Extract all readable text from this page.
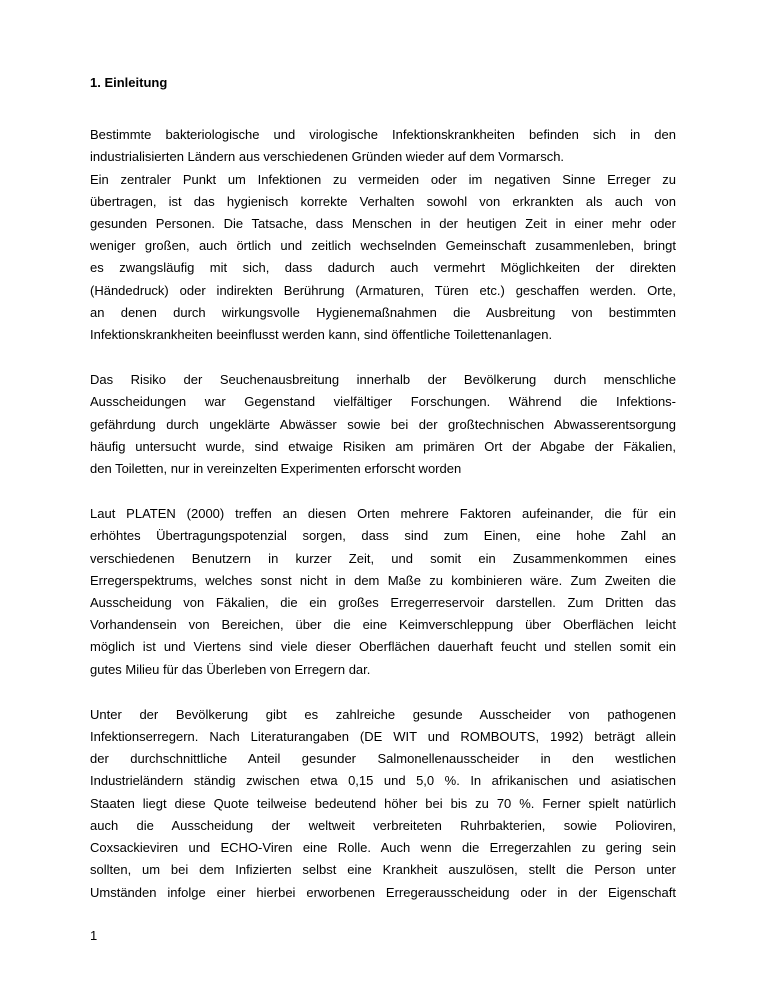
1. Einleitung
Bestimmte bakteriologische und virologische Infektionskrankheiten befinden sich in den
industrialisierten Ländern aus verschiedenen Gründen wieder auf dem Vormarsch.
Ein zentraler Punkt um Infektionen zu vermeiden oder im negativen Sinne Erreger zu
übertragen, ist das hygienisch korrekte Verhalten sowohl von erkrankten als auch von
gesunden Personen. Die Tatsache, dass Menschen in der heutigen Zeit in einer mehr oder
weniger großen, auch örtlich und zeitlich wechselnden Gemeinschaft zusammenleben, bringt
es zwangsläufig mit sich, dass dadurch auch vermehrt Möglichkeiten der direkten
(Händedruck) oder indirekten Berührung (Armaturen, Türen etc.) geschaffen werden. Orte,
an denen durch wirkungsvolle Hygienemaßnahmen die Ausbreitung von bestimmten
Infektionskrankheiten beeinflusst werden kann, sind öffentliche Toilettenanlagen.
Das Risiko der Seuchenausbreitung innerhalb der Bevölkerung durch menschliche
Ausscheidungen war Gegenstand vielfältiger Forschungen. Während die Infektions-
gefährdung durch ungeklärte Abwässer sowie bei der großtechnischen Abwasserentsorgung
häufig untersucht wurde, sind etwaige Risiken am primären Ort der Abgabe der Fäkalien,
den Toiletten, nur in vereinzelten Experimenten erforscht worden
Laut PLATEN (2000) treffen an diesen Orten mehrere Faktoren aufeinander, die für ein
erhöhtes Übertragungspotenzial sorgen, dass sind zum Einen, eine hohe Zahl an
verschiedenen Benutzern in kurzer Zeit, und somit ein Zusammenkommen eines
Erregerspektrums, welches sonst nicht in dem Maße zu kombinieren wäre. Zum Zweiten die
Ausscheidung von Fäkalien, die ein großes Erregerreservoir darstellen. Zum Dritten das
Vorhandensein von Bereichen, über die eine Keimverschleppung über Oberflächen leicht
möglich ist und Viertens sind viele dieser Oberflächen dauerhaft feucht und stellen somit ein
gutes Milieu für das Überleben von Erregern dar.
Unter der Bevölkerung gibt es zahlreiche gesunde Ausscheider von pathogenen
Infektionserregern. Nach Literaturangaben (DE WIT und ROMBOUTS, 1992) beträgt allein
der durchschnittliche Anteil gesunder Salmonellenausscheider in den westlichen
Industrieländern ständig zwischen etwa 0,15 und 5,0 %. In afrikanischen und asiatischen
Staaten liegt diese Quote teilweise bedeutend höher bei bis zu 70 %. Ferner spielt natürlich
auch die Ausscheidung der weltweit verbreiteten Ruhrbakterien, sowie Polioviren,
Coxsackieviren und ECHO-Viren eine Rolle. Auch wenn die Erregerzahlen zu gering sein
sollten, um bei dem Infizierten selbst eine Krankheit auszulösen, stellt die Person unter
Umständen infolge einer hierbei erworbenen Erregerausscheidung oder in der Eigenschaft
1
